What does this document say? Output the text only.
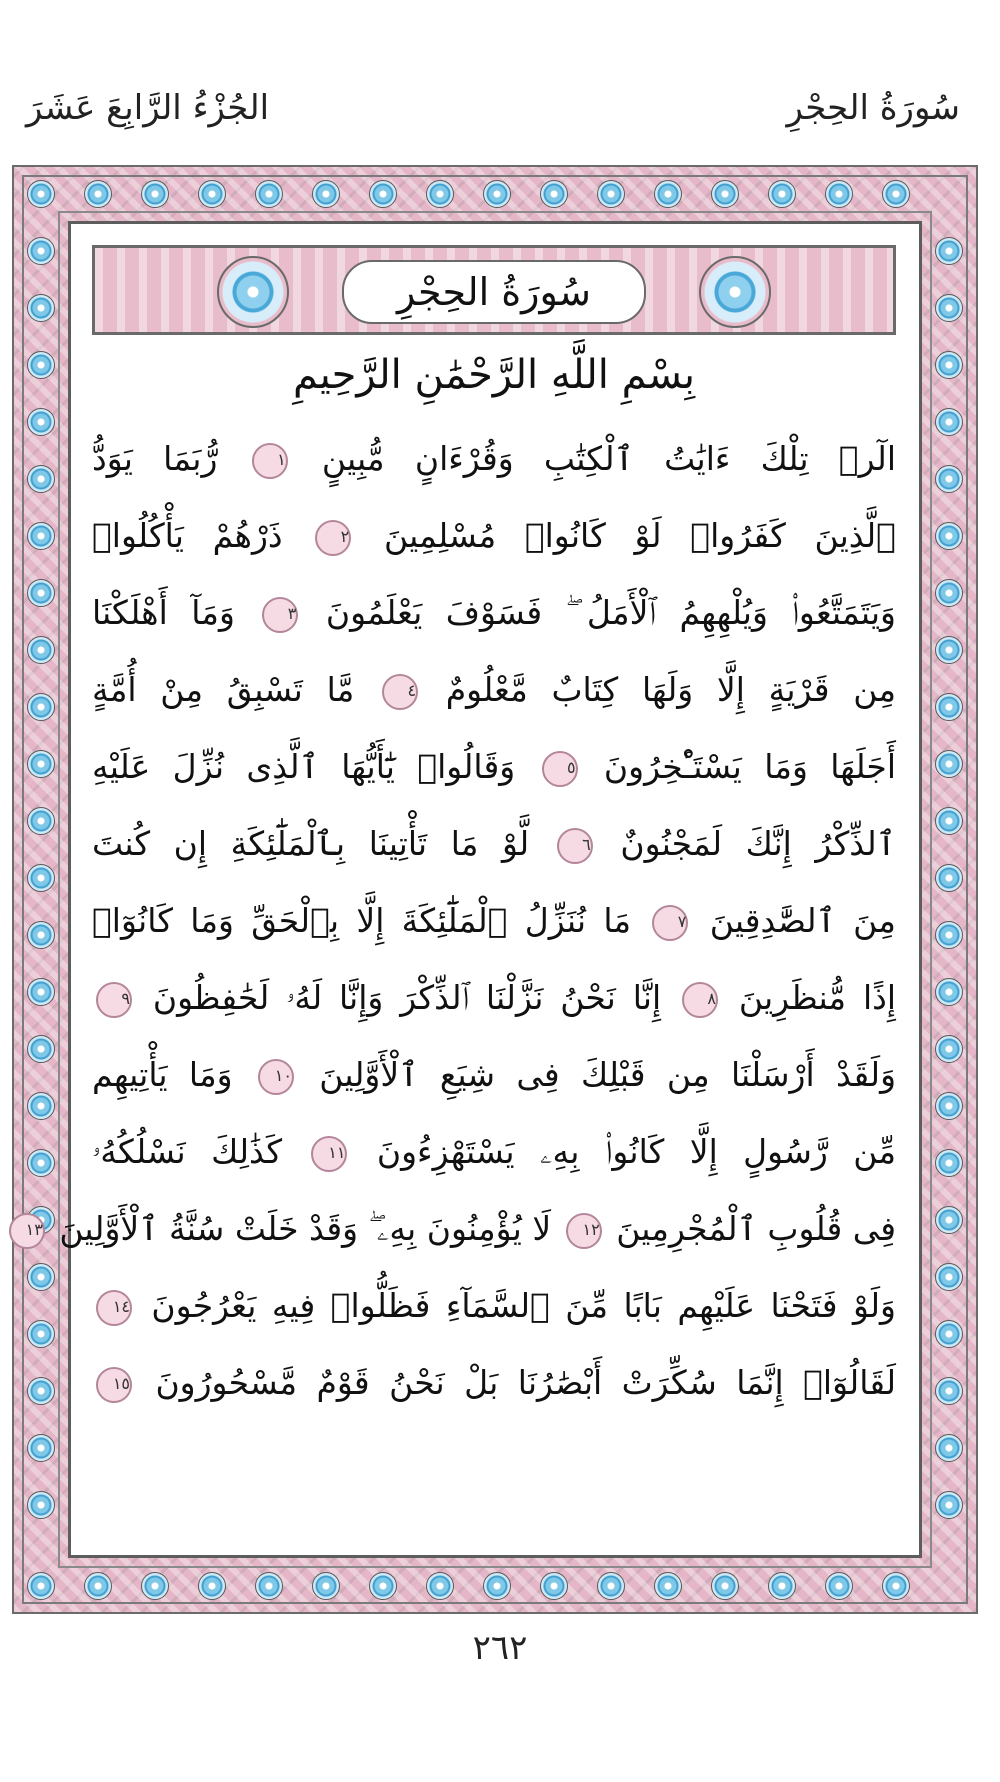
سُورَةُ الحِجْرِ
الجُزْءُ الرَّابِعَ عَشَرَ
سُورَةُ الحِجْرِ
بِسْمِ اللَّهِ الرَّحْمَٰنِ الرَّحِيمِ
الٓرۚ تِلْكَ ءَايَٰتُ ٱلْكِتَٰبِ وَقُرْءَانٍ مُّبِينٍ ١ رُّبَمَا يَوَدُّ
ٱلَّذِينَ كَفَرُوا۟ لَوْ كَانُوا۟ مُسْلِمِينَ ٢ ذَرْهُمْ يَأْكُلُوا۟
وَيَتَمَتَّعُوا۟ وَيُلْهِهِمُ ٱلْأَمَلُ ۖ فَسَوْفَ يَعْلَمُونَ ٣ وَمَآ أَهْلَكْنَا
مِن قَرْيَةٍ إِلَّا وَلَهَا كِتَابٌ مَّعْلُومٌ ٤ مَّا تَسْبِقُ مِنْ أُمَّةٍ
أَجَلَهَا وَمَا يَسْتَـْٔخِرُونَ ٥ وَقَالُوا۟ يَٰٓأَيُّهَا ٱلَّذِى نُزِّلَ عَلَيْهِ
ٱلذِّكْرُ إِنَّكَ لَمَجْنُونٌ ٦ لَّوْ مَا تَأْتِينَا بِٱلْمَلَٰٓئِكَةِ إِن كُنتَ
مِنَ ٱلصَّٰدِقِينَ ٧ مَا نُنَزِّلُ ٱلْمَلَٰٓئِكَةَ إِلَّا بِٱلْحَقِّ وَمَا كَانُوٓا۟
إِذًا مُّنظَرِينَ ٨ إِنَّا نَحْنُ نَزَّلْنَا ٱلذِّكْرَ وَإِنَّا لَهُۥ لَحَٰفِظُونَ ٩
وَلَقَدْ أَرْسَلْنَا مِن قَبْلِكَ فِى شِيَعِ ٱلْأَوَّلِينَ ١٠ وَمَا يَأْتِيهِم
مِّن رَّسُولٍ إِلَّا كَانُوا۟ بِهِۦ يَسْتَهْزِءُونَ ١١ كَذَٰلِكَ نَسْلُكُهُۥ
فِى قُلُوبِ ٱلْمُجْرِمِينَ ١٢ لَا يُؤْمِنُونَ بِهِۦ ۖ وَقَدْ خَلَتْ سُنَّةُ ٱلْأَوَّلِينَ ١٣
وَلَوْ فَتَحْنَا عَلَيْهِم بَابًا مِّنَ ٱلسَّمَآءِ فَظَلُّوا۟ فِيهِ يَعْرُجُونَ ١٤
لَقَالُوٓا۟ إِنَّمَا سُكِّرَتْ أَبْصَٰرُنَا بَلْ نَحْنُ قَوْمٌ مَّسْحُورُونَ ١٥
٢٦٢
